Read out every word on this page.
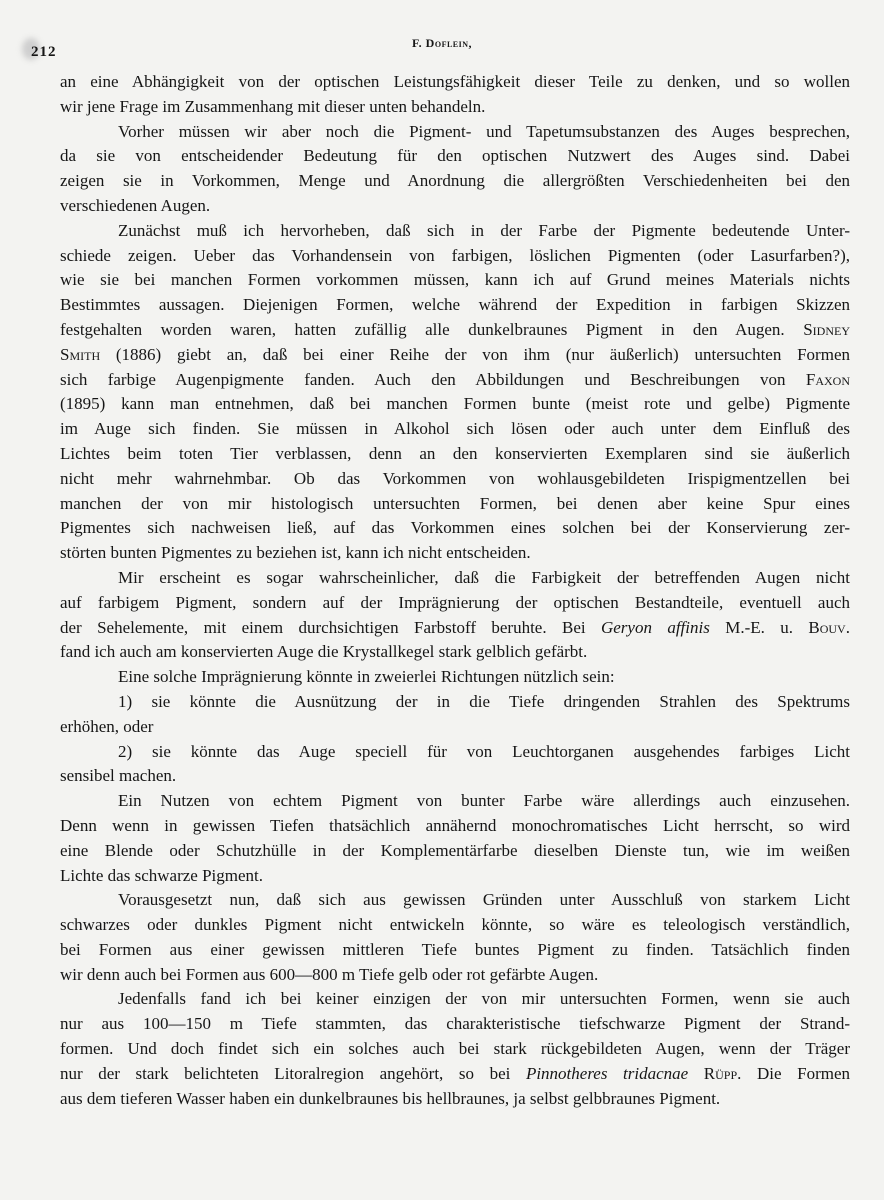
212
F. Doflein,
an eine Abhängigkeit von der optischen Leistungsfähigkeit dieser Teile zu denken, und so wollen
wir jene Frage im Zusammenhang mit dieser unten behandeln.
Vorher müssen wir aber noch die Pigment- und Tapetumsubstanzen des Auges besprechen,
da sie von entscheidender Bedeutung für den optischen Nutzwert des Auges sind. Dabei
zeigen sie in Vorkommen, Menge und Anordnung die allergrößten Verschiedenheiten bei den
verschiedenen Augen.
Zunächst muß ich hervorheben, daß sich in der Farbe der Pigmente bedeutende Unter-
schiede zeigen. Ueber das Vorhandensein von farbigen, löslichen Pigmenten (oder Lasurfarben?),
wie sie bei manchen Formen vorkommen müssen, kann ich auf Grund meines Materials nichts
Bestimmtes aussagen. Diejenigen Formen, welche während der Expedition in farbigen Skizzen
festgehalten worden waren, hatten zufällig alle dunkelbraunes Pigment in den Augen. Sidney
Smith (1886) giebt an, daß bei einer Reihe der von ihm (nur äußerlich) untersuchten Formen
sich farbige Augenpigmente fanden. Auch den Abbildungen und Beschreibungen von Faxon
(1895) kann man entnehmen, daß bei manchen Formen bunte (meist rote und gelbe) Pigmente
im Auge sich finden. Sie müssen in Alkohol sich lösen oder auch unter dem Einfluß des
Lichtes beim toten Tier verblassen, denn an den konservierten Exemplaren sind sie äußerlich
nicht mehr wahrnehmbar. Ob das Vorkommen von wohlausgebildeten Irispigmentzellen bei
manchen der von mir histologisch untersuchten Formen, bei denen aber keine Spur eines
Pigmentes sich nachweisen ließ, auf das Vorkommen eines solchen bei der Konservierung zer-
störten bunten Pigmentes zu beziehen ist, kann ich nicht entscheiden.
Mir erscheint es sogar wahrscheinlicher, daß die Farbigkeit der betreffenden Augen nicht
auf farbigem Pigment, sondern auf der Imprägnierung der optischen Bestandteile, eventuell auch
der Sehelemente, mit einem durchsichtigen Farbstoff beruhte. Bei Geryon affinis M.-E. u. Bouv.
fand ich auch am konservierten Auge die Krystallkegel stark gelblich gefärbt.
Eine solche Imprägnierung könnte in zweierlei Richtungen nützlich sein:
1) sie könnte die Ausnützung der in die Tiefe dringenden Strahlen des Spektrums
erhöhen, oder
2) sie könnte das Auge speciell für von Leuchtorganen ausgehendes farbiges Licht
sensibel machen.
Ein Nutzen von echtem Pigment von bunter Farbe wäre allerdings auch einzusehen.
Denn wenn in gewissen Tiefen thatsächlich annähernd monochromatisches Licht herrscht, so wird
eine Blende oder Schutzhülle in der Komplementärfarbe dieselben Dienste tun, wie im weißen
Lichte das schwarze Pigment.
Vorausgesetzt nun, daß sich aus gewissen Gründen unter Ausschluß von starkem Licht
schwarzes oder dunkles Pigment nicht entwickeln könnte, so wäre es teleologisch verständlich,
bei Formen aus einer gewissen mittleren Tiefe buntes Pigment zu finden. Tatsächlich finden
wir denn auch bei Formen aus 600—800 m Tiefe gelb oder rot gefärbte Augen.
Jedenfalls fand ich bei keiner einzigen der von mir untersuchten Formen, wenn sie auch
nur aus 100—150 m Tiefe stammten, das charakteristische tiefschwarze Pigment der Strand-
formen. Und doch findet sich ein solches auch bei stark rückgebildeten Augen, wenn der Träger
nur der stark belichteten Litoralregion angehört, so bei Pinnotheres tridacnae Rüpp. Die Formen
aus dem tieferen Wasser haben ein dunkelbraunes bis hellbraunes, ja selbst gelbbraunes Pigment.
